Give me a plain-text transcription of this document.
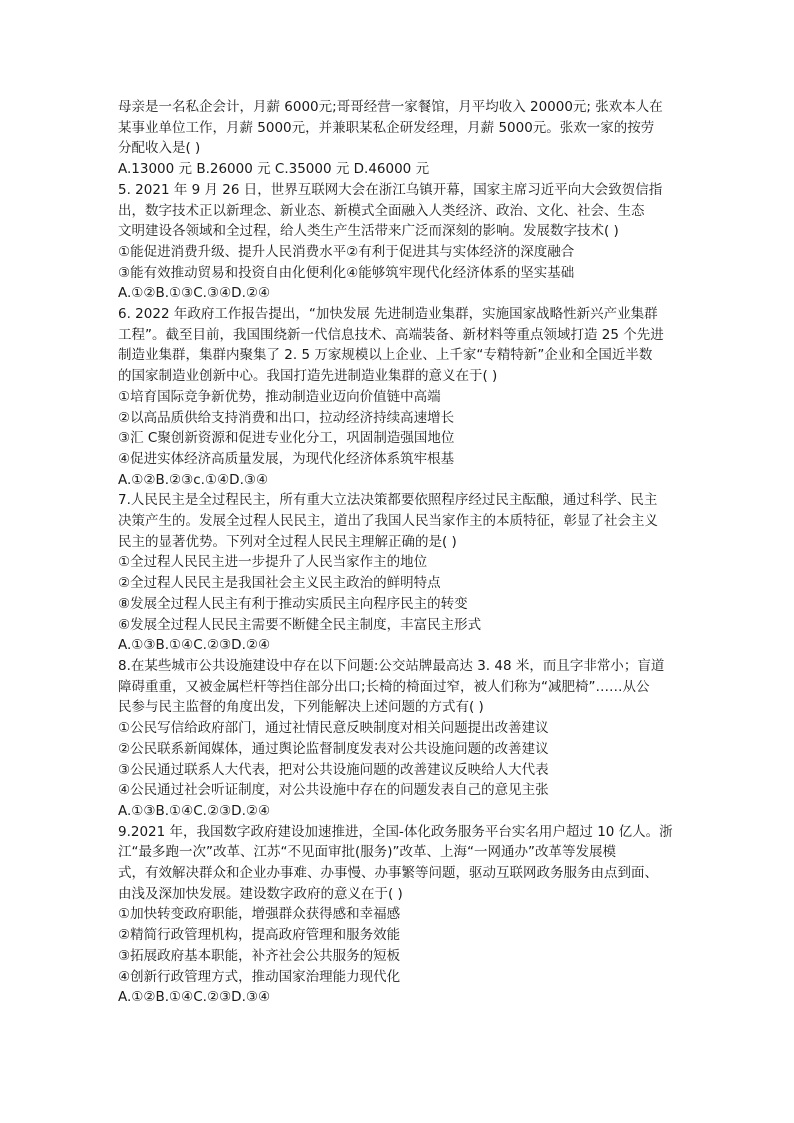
母亲是一名私企会计，月薪 6000元;哥哥经营一家餐馆，月平均收入 20000元; 张欢本人在
某事业单位工作，月薪 5000元，并兼职某私企研发经理，月薪 5000元。张欢一家的按劳
分配收入是( )
A.13000 元 B.26000 元 C.35000 元 D.46000 元
5. 2021 年 9 月 26 日，世界互联网大会在浙江乌镇开幕，国家主席习近平向大会致贺信指
出，数字技术正以新理念、新业态、新模式全面融入人类经济、政治、文化、社会、生态
文明建设各领域和全过程，给人类生产生活带来广泛而深刻的影响。发展数字技术( )
①能促进消费升级、提升人民消费水平②有利于促进其与实体经济的深度融合
③能有效推动贸易和投资自由化便利化④能够筑牢现代化经济体系的坚实基础
A.①②B.①③C.③④D.②④
6. 2022 年政府工作报告提出，“加快发展 先进制造业集群，实施国家战略性新兴产业集群
工程”。截至目前，我国围绕新一代信息技术、高端装备、新材料等重点领域打造 25 个先进
制造业集群，集群内聚集了 2. 5 万家规模以上企业、上千家“专精特新”企业和全国近半数
的国家制造业创新中心。我国打造先进制造业集群的意义在于( )
①培育国际竞争新优势，推动制造业迈向价值链中高端
②以高品质供给支持消费和出口，拉动经济持续高速增长
③汇 C聚创新资源和促进专业化分工，巩固制造强国地位
④促进实体经济高质量发展，为现代化经济体系筑牢根基
A.①②B.②③c.①④D.③④
7.人民民主是全过程民主，所有重大立法决策都要依照程序经过民主酝酿，通过科学、民主
决策产生的。发展全过程人民民主，道出了我国人民当家作主的本质特征，彰显了社会主义
民主的显著优势。下列对全过程人民民主理解正确的是( )
①全过程人民民主进一步提升了人民当家作主的地位
②全过程人民民主是我国社会主义民主政治的鲜明特点
⑧发展全过程人民主有利于推动实质民主向程序民主的转变
⑥发展全过程人民民主需要不断健全民主制度，丰富民主形式
A.①③B.①④C.②③D.②④
8.在某些城市公共设施建设中存在以下问题:公交站牌最高达 3. 48 米，而且字非常小；盲道
障碍重重，又被金属栏杆等挡住部分出口;长椅的椅面过窄，被人们称为“减肥椅”……从公
民参与民主监督的角度出发，下列能解决上述问题的方式有( )
①公民写信给政府部门，通过社情民意反映制度对相关问题提出改善建议
②公民联系新闻媒体，通过舆论监督制度发表对公共设施问题的改善建议
③公民通过联系人大代表，把对公共设施问题的改善建议反映给人大代表
④公民通过社会听证制度，对公共设施中存在的问题发表自己的意见主张
A.①③B.①④C.②③D.②④
9.2021 年，我国数字政府建设加速推进，全国-体化政务服务平台实名用户超过 10 亿人。浙
江“最多跑一次”改革、江苏“不见面审批(服务)”改革、上海“一网通办”改革等发展模
式，有效解决群众和企业办事难、办事慢、办事繁等问题，驱动互联网政务服务由点到面、
由浅及深加快发展。建设数字政府的意义在于( )
①加快转变政府职能，增强群众获得感和幸福感
②精简行政管理机构，提高政府管理和服务效能
③拓展政府基本职能，补齐社会公共服务的短板
④创新行政管理方式，推动国家治理能力现代化
A.①②B.①④C.②③D.③④
